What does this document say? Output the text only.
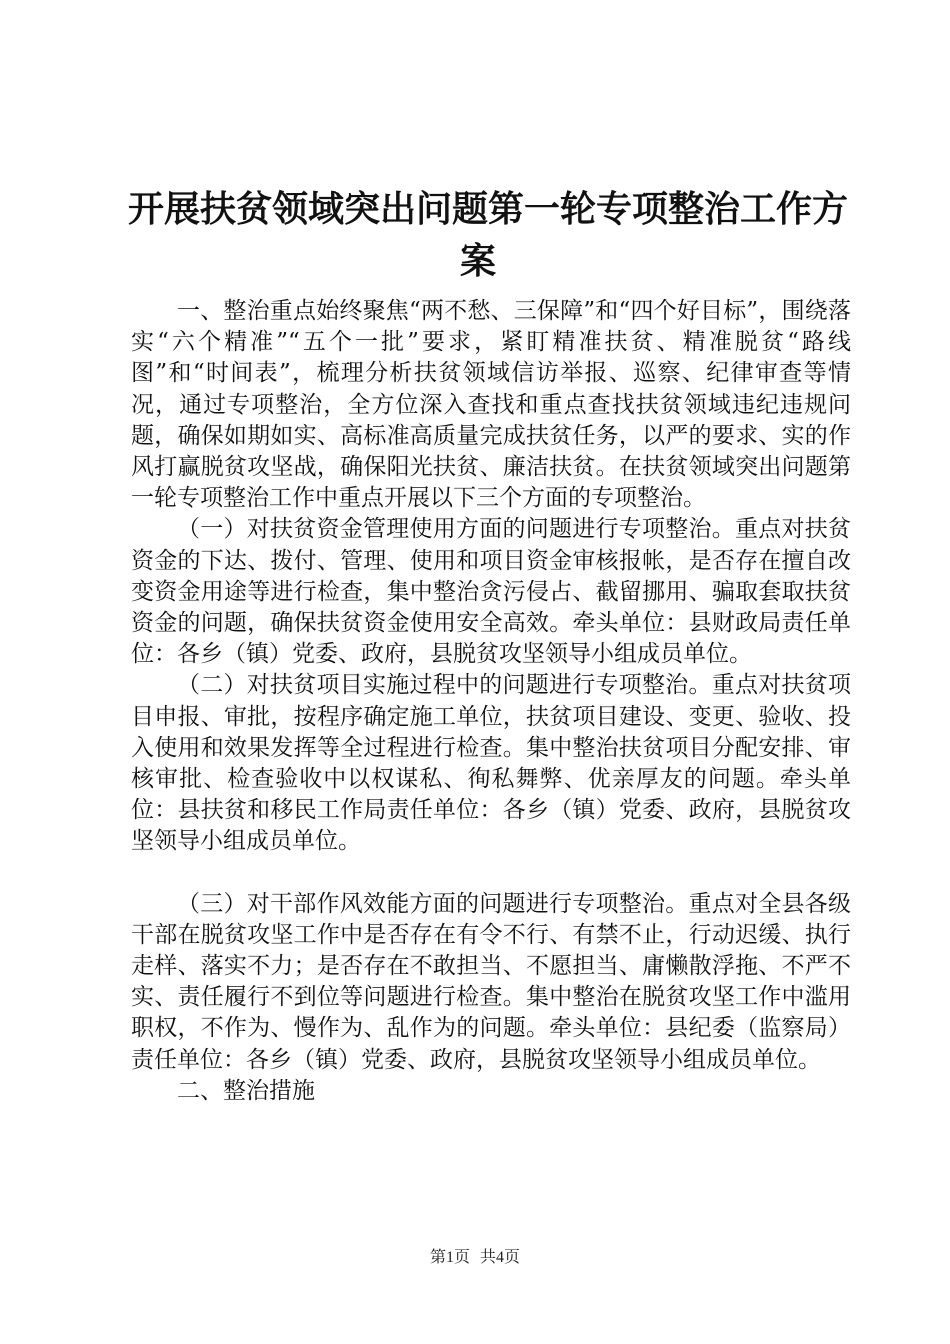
开展扶贫领域突出问题第一轮专项整治工作方
案

一、整治重点始终聚焦“两不愁、三保障”和“四个好目标”，围绕落实“六个精准”“五个一批”要求，紧盯精准扶贫、精准脱贫“路线图”和“时间表”，梳理分析扶贫领域信访举报、巡察、纪律审查等情况，通过专项整治，全方位深入查找和重点查找扶贫领域违纪违规问题，确保如期如实、高标准高质量完成扶贫任务，以严的要求、实的作风打赢脱贫攻坚战，确保阳光扶贫、廉洁扶贫。在扶贫领域突出问题第一轮专项整治工作中重点开展以下三个方面的专项整治。

（一）对扶贫资金管理使用方面的问题进行专项整治。重点对扶贫资金的下达、拨付、管理、使用和项目资金审核报帐，是否存在擅自改变资金用途等进行检查，集中整治贪污侵占、截留挪用、骗取套取扶贫资金的问题，确保扶贫资金使用安全高效。牵头单位：县财政局责任单位：各乡（镇）党委、政府，县脱贫攻坚领导小组成员单位。

（二）对扶贫项目实施过程中的问题进行专项整治。重点对扶贫项目申报、审批，按程序确定施工单位，扶贫项目建设、变更、验收、投入使用和效果发挥等全过程进行检查。集中整治扶贫项目分配安排、审核审批、检查验收中以权谋私、徇私舞弊、优亲厚友的问题。牵头单位：县扶贫和移民工作局责任单位：各乡（镇）党委、政府，县脱贫攻坚领导小组成员单位。

（三）对干部作风效能方面的问题进行专项整治。重点对全县各级干部在脱贫攻坚工作中是否存在有令不行、有禁不止，行动迟缓、执行走样、落实不力；是否存在不敢担当、不愿担当、庸懒散浮拖、不严不实、责任履行不到位等问题进行检查。集中整治在脱贫攻坚工作中滥用职权，不作为、慢作为、乱作为的问题。牵头单位：县纪委（监察局）责任单位：各乡（镇）党委、政府，县脱贫攻坚领导小组成员单位。

二、整治措施

第1页 共4页
